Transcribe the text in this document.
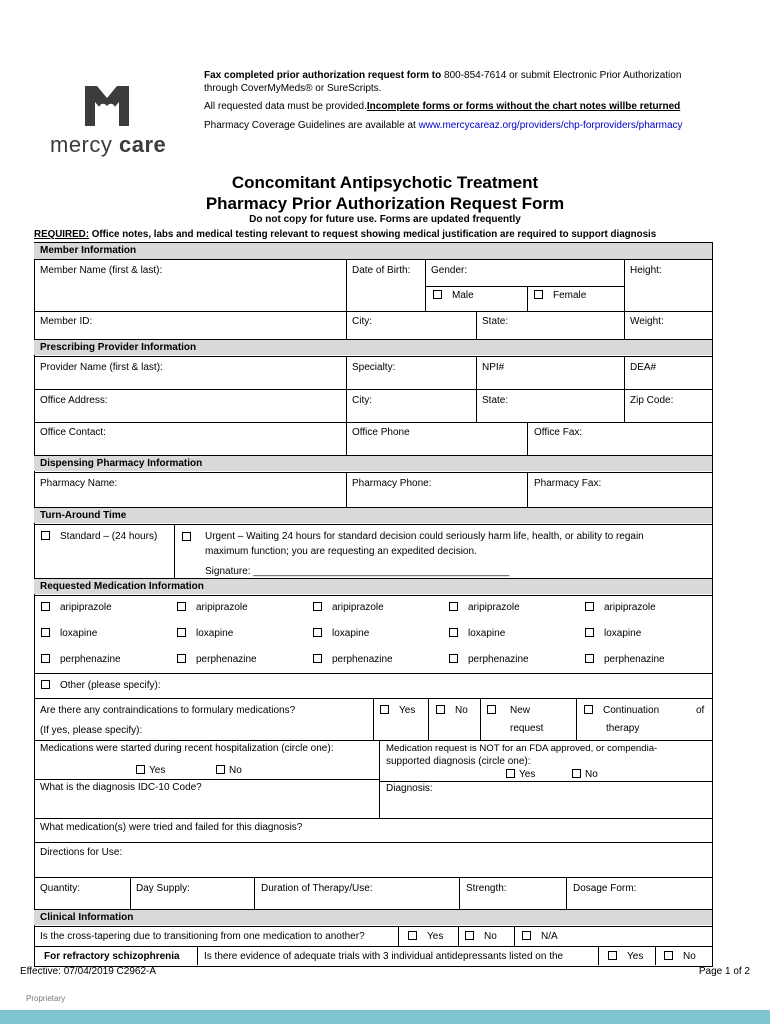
mercy care
Fax completed prior authorization request form to 800-854-7614 or submit Electronic Prior Authorization
through CoverMyMeds® or SureScripts.
All requested data must be provided.Incomplete forms or forms without the chart notes willbe returned
Pharmacy Coverage Guidelines are available at www.mercycareaz.org/providers/chp-forproviders/pharmacy
Concomitant Antipsychotic Treatment
Pharmacy Prior Authorization Request Form
Do not copy for future use. Forms are updated frequently
REQUIRED: Office notes, labs and medical testing relevant to request showing medical justification are required to support diagnosis
Member Information
Member Name (first & last):	Date of Birth: Gender:	Height:
Male	Female
Member ID:	City:	State:	Weight:
Prescribing Provider Information
Provider Name (first & last):	Specialty:	NPI#	DEA#
Office Address:	City:	State:	Zip Code:
Office Contact:	Office Phone	Office Fax:
Dispensing Pharmacy Information
Pharmacy Name:	Pharmacy Phone:	Pharmacy Fax:
Turn-Around Time
Standard – (24 hours)	Urgent – Waiting 24 hours for standard decision could seriously harm life, health, or ability to regain
maximum function; you are requesting an expedited decision.
Signature: ______________________________________________
Requested Medication Information
aripiprazole	aripiprazole	aripiprazole	aripiprazole	aripiprazole
loxapine	loxapine	loxapine	loxapine	loxapine
perphenazine	perphenazine	perphenazine	perphenazine	perphenazine
Other (please specify):
Are there any contraindications to formulary medications?
(If yes, please specify):
Yes	No	New
request
Continuation	of
therapy
Medications were started during recent hospitalization (circle one):
Yes	No
Medication request is NOT for an FDA approved, or compendia-
supported diagnosis (circle one):
Yes	No
What is the diagnosis IDC-10 Code?	Diagnosis:
What medication(s) were tried and failed for this diagnosis?
Directions for Use:
Quantity:	Day Supply:	Duration of Therapy/Use:	Strength:	Dosage Form:
Clinical Information
Is the cross-tapering due to transitioning from one medication to another?	Yes	No	N/A
For refractory schizophrenia Is there evidence of adequate trials with 3 individual antidepressants listed on the	Yes	No
Effective: 07/04/2019 C2962-A	Page 1 of 2
Proprietary
